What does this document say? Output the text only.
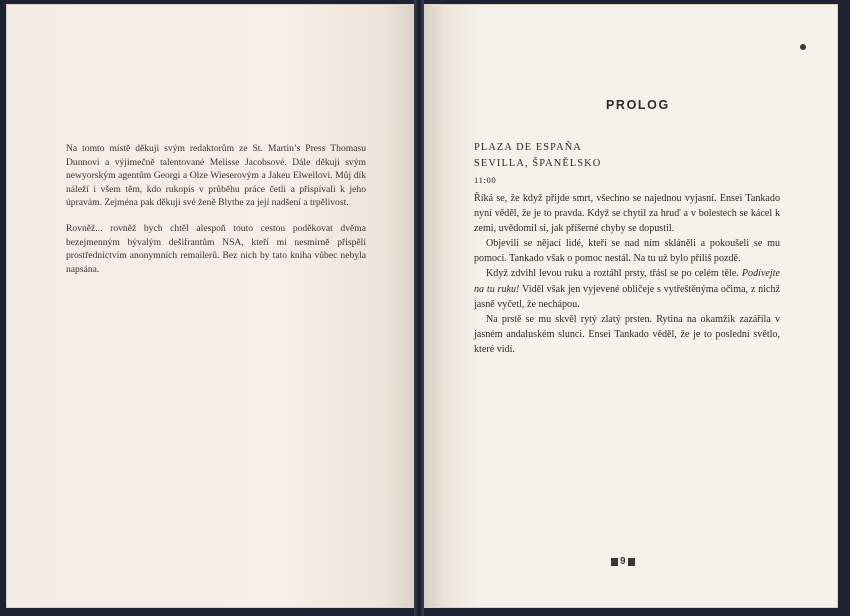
Na tomto místě děkuji svým redaktorům ze St. Martin’s Press Thomasu Dunnovi a výjimečně talentované Melisse Jacobsové. Dále děkuji svým newyorským agentům Georgi a Olze Wieserovým a Jakeu Elwellovi. Můj dík náleží i všem těm, kdo rukopis v průběhu práce četli a přispívali k jeho úpravám. Zejména pak děkuji své ženě Blythe za její nadšení a trpělivost.

Rovněž... rovněž bych chtěl alespoň touto cestou poděkovat dvěma bezejmenným bývalým dešifrantům NSA, kteří mi nesmírně přispěli prostřednictvím anonymních remailerů. Bez nich by tato kniha vůbec nebyla napsána.

PROLOG
PLAZA DE ESPAÑA
SEVILLA, ŠPANĚLSKO
11:00

Říká se, že když přijde smrt, všechno se najednou vyjasní. Ensei Tankado nyní věděl, že je to pravda. Když se chytil za hruď a v bolestech se kácel k zemi, uvědomil si, jak příšerné chyby se dopustil.

Objevili se nějací lidé, kteří se nad ním skláněli a pokoušeli se mu pomoci. Tankado však o pomoc nestál. Na tu už bylo příliš pozdě.

Když zdvihl levou ruku a roztáhl prsty, třásl se po celém těle. Podívejte na tu ruku! Viděl však jen vyjevené obličeje s vytřeštěnýma očima, z nichž jasně vyčetl, že nechápou.

Na prstě se mu skvěl rytý zlatý prsten. Rytina na okamžik zazářila v jasném andaluském slunci. Ensei Tankado věděl, že je to poslední světlo, které vidí.

9
